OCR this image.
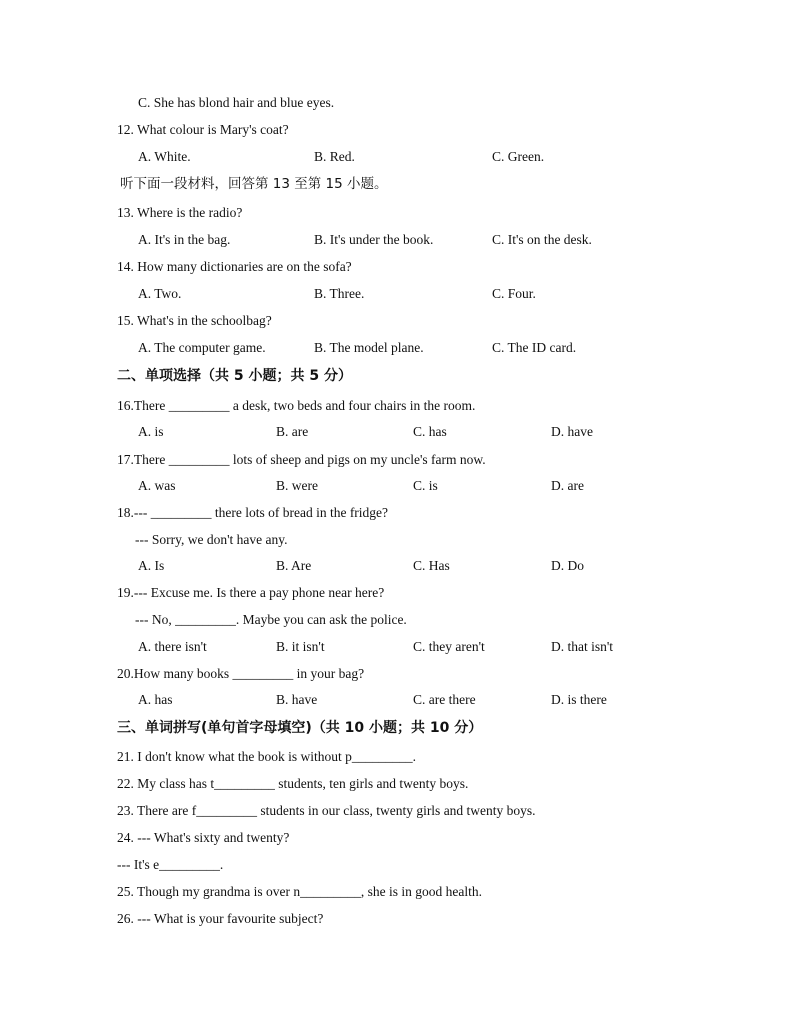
C. She has blond hair and blue eyes.
12. What colour is Mary's coat?
A. White.	B. Red.	C. Green.
听下面一段材料，回答第 13 至第 15 小题。
13. Where is the radio?
A. It's in the bag.	B. It's under the book.	C. It's on the desk.
14. How many dictionaries are on the sofa?
A. Two.	B. Three.	C. Four.
15. What's in the schoolbag?
A. The computer game.	B. The model plane.	C. The ID card.
二、单项选择（共 5 小题；共 5 分）
16.There _________ a desk, two beds and four chairs in the room.
A. is	B. are	C. has	D. have
17.There _________ lots of sheep and pigs on my uncle's farm now.
A. was	B. were	C. is	D. are
18.--- _________ there lots of bread in the fridge?
--- Sorry, we don't have any.
A. Is	B. Are	C. Has	D. Do
19.--- Excuse me. Is there a pay phone near here?
--- No, _________. Maybe you can ask the police.
A. there isn't	B. it isn't	C. they aren't	D. that isn't
20.How many books _________ in your bag?
A. has	B. have	C. are there	D. is there
三、单词拼写(单句首字母填空)（共 10 小题；共 10 分）
21. I don't know what the book is without p_________.
22. My class has t_________ students, ten girls and twenty boys.
23. There are f_________ students in our class, twenty girls and twenty boys.
24. --- What's sixty and twenty?
--- It's e_________.
25. Though my grandma is over n_________, she is in good health.
26. --- What is your favourite subject?
